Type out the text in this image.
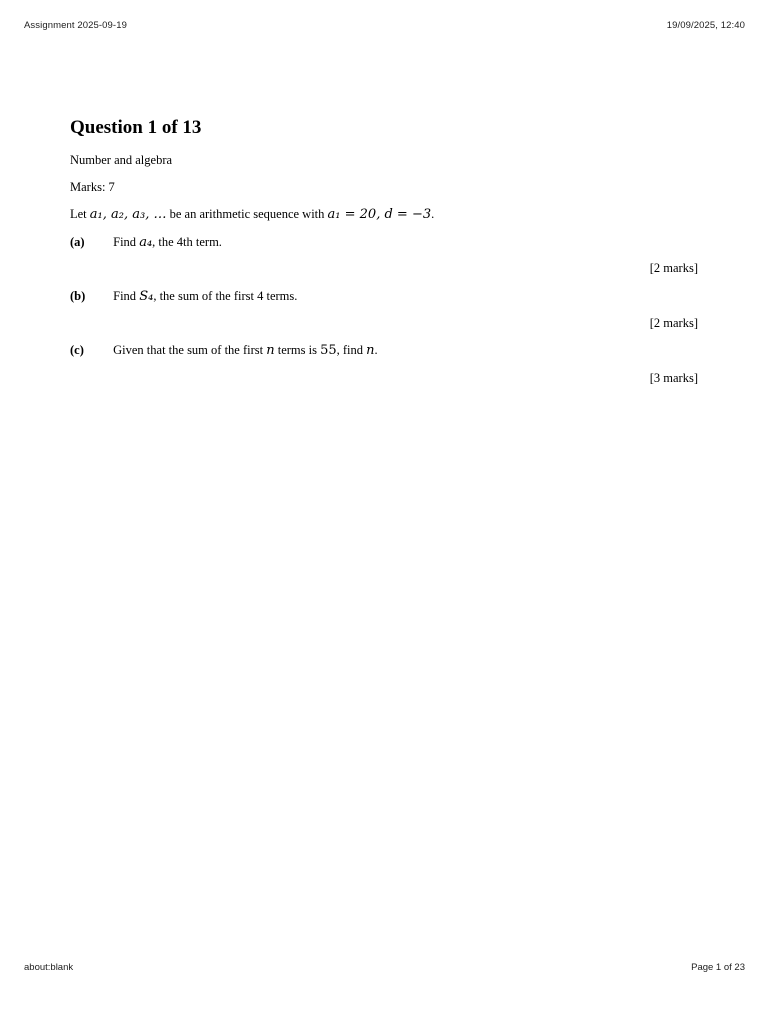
Assignment 2025-09-19	19/09/2025, 12:40
Question 1 of 13
Number and algebra
Marks: 7
Let a₁, a₂, a₃, … be an arithmetic sequence with a₁ = 20, d = −3.
(a) Find a₄, the 4th term.
[2 marks]
(b) Find S₄, the sum of the first 4 terms.
[2 marks]
(c) Given that the sum of the first n terms is 55, find n.
[3 marks]
about:blank	Page 1 of 23
